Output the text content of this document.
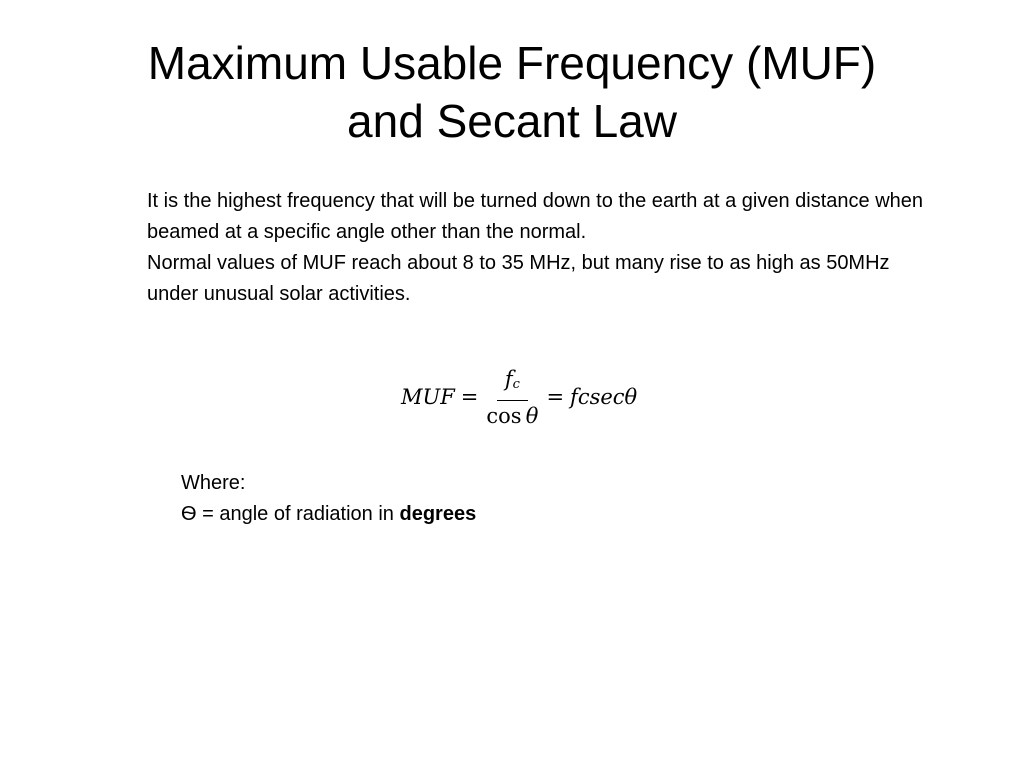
Maximum Usable Frequency (MUF)
and Secant Law

It is the highest frequency that will be turned down to the earth at a given distance when beamed at a specific angle other than the normal.

Normal values of MUF reach about 8 to 35 MHz, but many rise to as high as 50MHz under unusual solar activities.

MUF = $\frac{f_c}{\text{cos  θ}} = fcsec\theta$

Where:

Ѳ = angle of radiation in degrees
